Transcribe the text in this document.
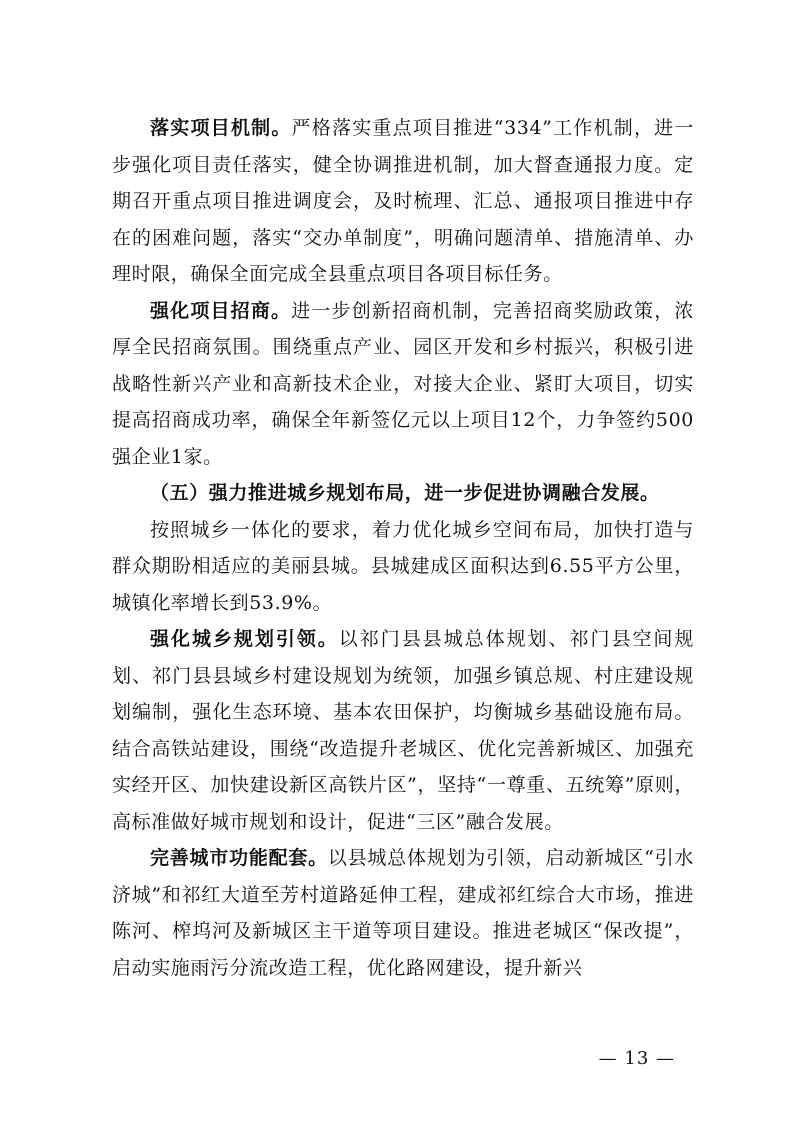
落实项目机制。严格落实重点项目推进“334”工作机制，进一步强化项目责任落实，健全协调推进机制，加大督查通报力度。定期召开重点项目推进调度会，及时梳理、汇总、通报项目推进中存在的困难问题，落实“交办单制度”，明确问题清单、措施清单、办理时限，确保全面完成全县重点项目各项目标任务。

强化项目招商。进一步创新招商机制，完善招商奖励政策，浓厚全民招商氛围。围绕重点产业、园区开发和乡村振兴，积极引进战略性新兴产业和高新技术企业，对接大企业、紧盯大项目，切实提高招商成功率，确保全年新签亿元以上项目12个，力争签约500强企业1家。

（五）强力推进城乡规划布局，进一步促进协调融合发展。

按照城乡一体化的要求，着力优化城乡空间布局，加快打造与群众期盼相适应的美丽县城。县城建成区面积达到6.55平方公里，城镇化率增长到53.9%。

强化城乡规划引领。以祁门县县城总体规划、祁门县空间规划、祁门县县域乡村建设规划为统领，加强乡镇总规、村庄建设规划编制，强化生态环境、基本农田保护，均衡城乡基础设施布局。结合高铁站建设，围绕“改造提升老城区、优化完善新城区、加强充实经开区、加快建设新区高铁片区”，坚持“一尊重、五统筹”原则，高标准做好城市规划和设计，促进“三区”融合发展。

完善城市功能配套。以县城总体规划为引领，启动新城区“引水济城”和祁红大道至芳村道路延伸工程，建成祁红综合大市场，推进陈河、榨坞河及新城区主干道等项目建设。推进老城区“保改提”，启动实施雨污分流改造工程，优化路网建设，提升新兴

— 13 —
